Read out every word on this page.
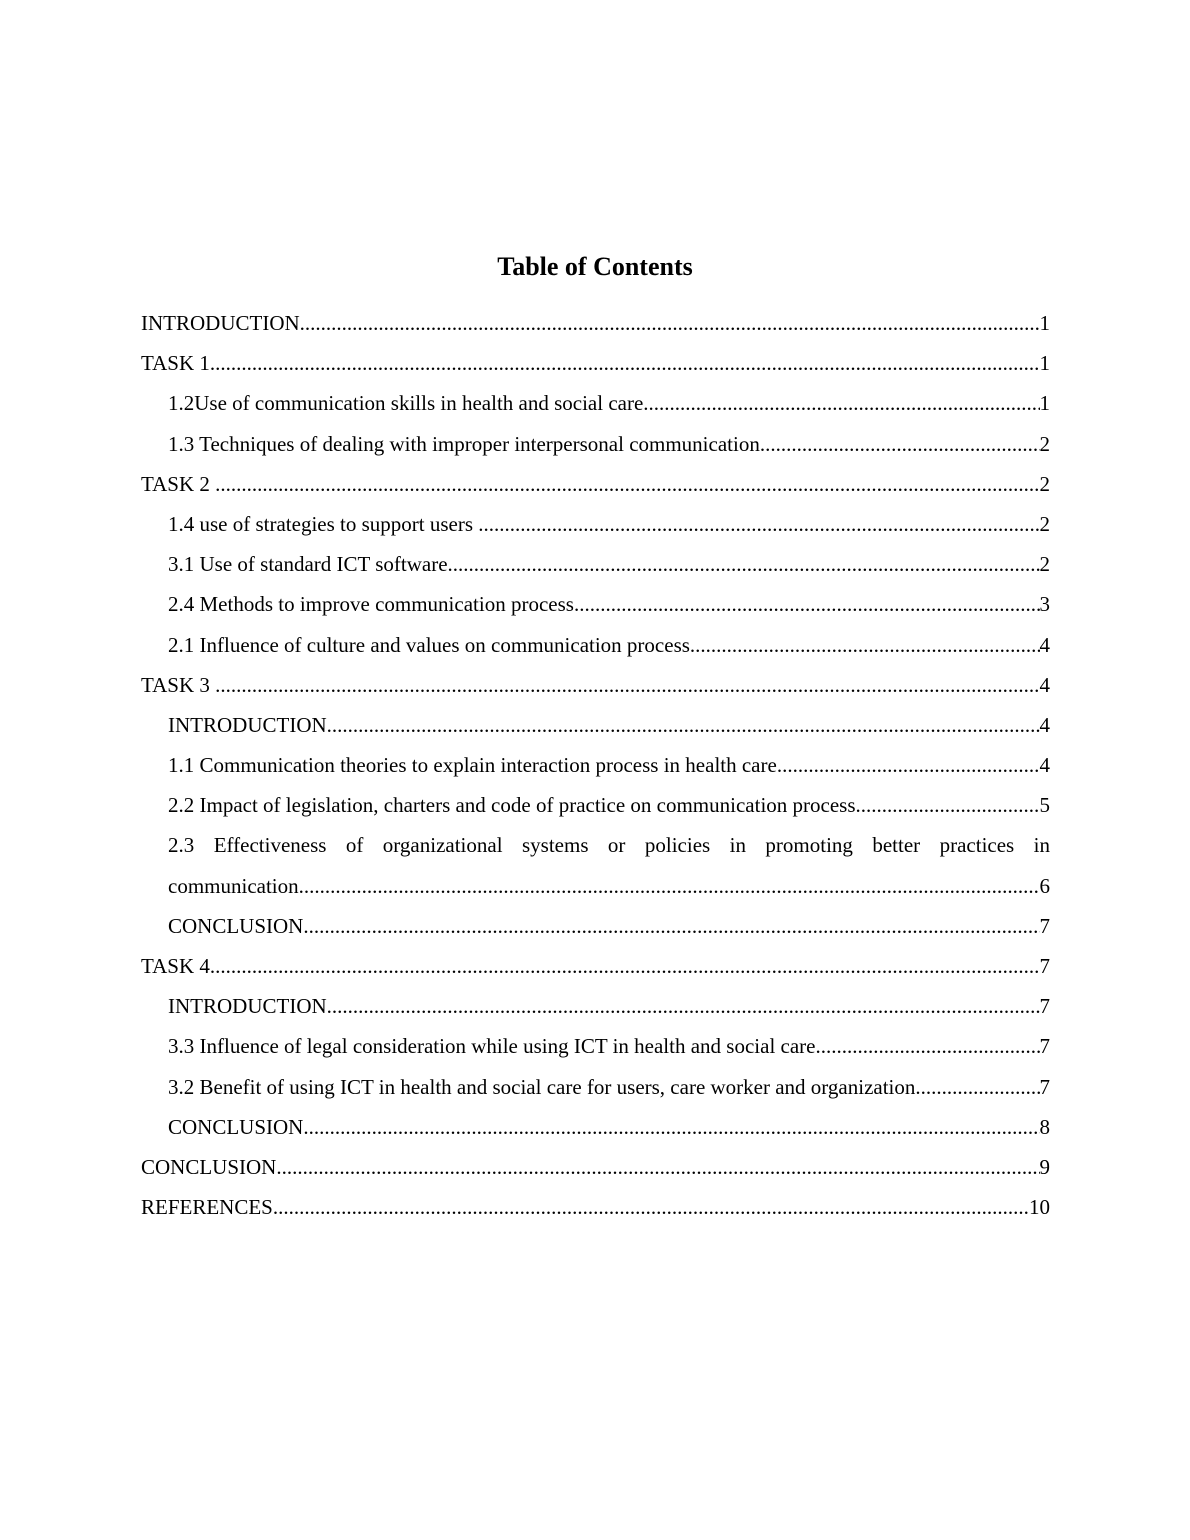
Table of Contents
INTRODUCTION .....	1
TASK 1 .....	1
1.2Use of communication skills in health and social care .....	1
1.3 Techniques of dealing with improper interpersonal communication .....	2
TASK 2 .....	2
1.4 use of strategies to support users .....	2
3.1 Use of standard ICT software .....	2
2.4 Methods to improve communication process .....	3
2.1 Influence of culture and values on communication process .....	4
TASK 3 .....	4
INTRODUCTION .....	4
1.1 Communication theories to explain interaction process in health care .....	4
2.2 Impact of legislation, charters and code of practice on communication process .....	5
2.3 Effectiveness of organizational systems or policies in promoting better practices in
communication .....	6
CONCLUSION .....	7
TASK 4 .....	7
INTRODUCTION .....	7
3.3 Influence of legal consideration while using ICT in health and social care .....	7
3.2 Benefit of using ICT in health and social care for users, care worker and organization. .....	7
CONCLUSION .....	8
CONCLUSION .....	9
REFERENCES .....	10
